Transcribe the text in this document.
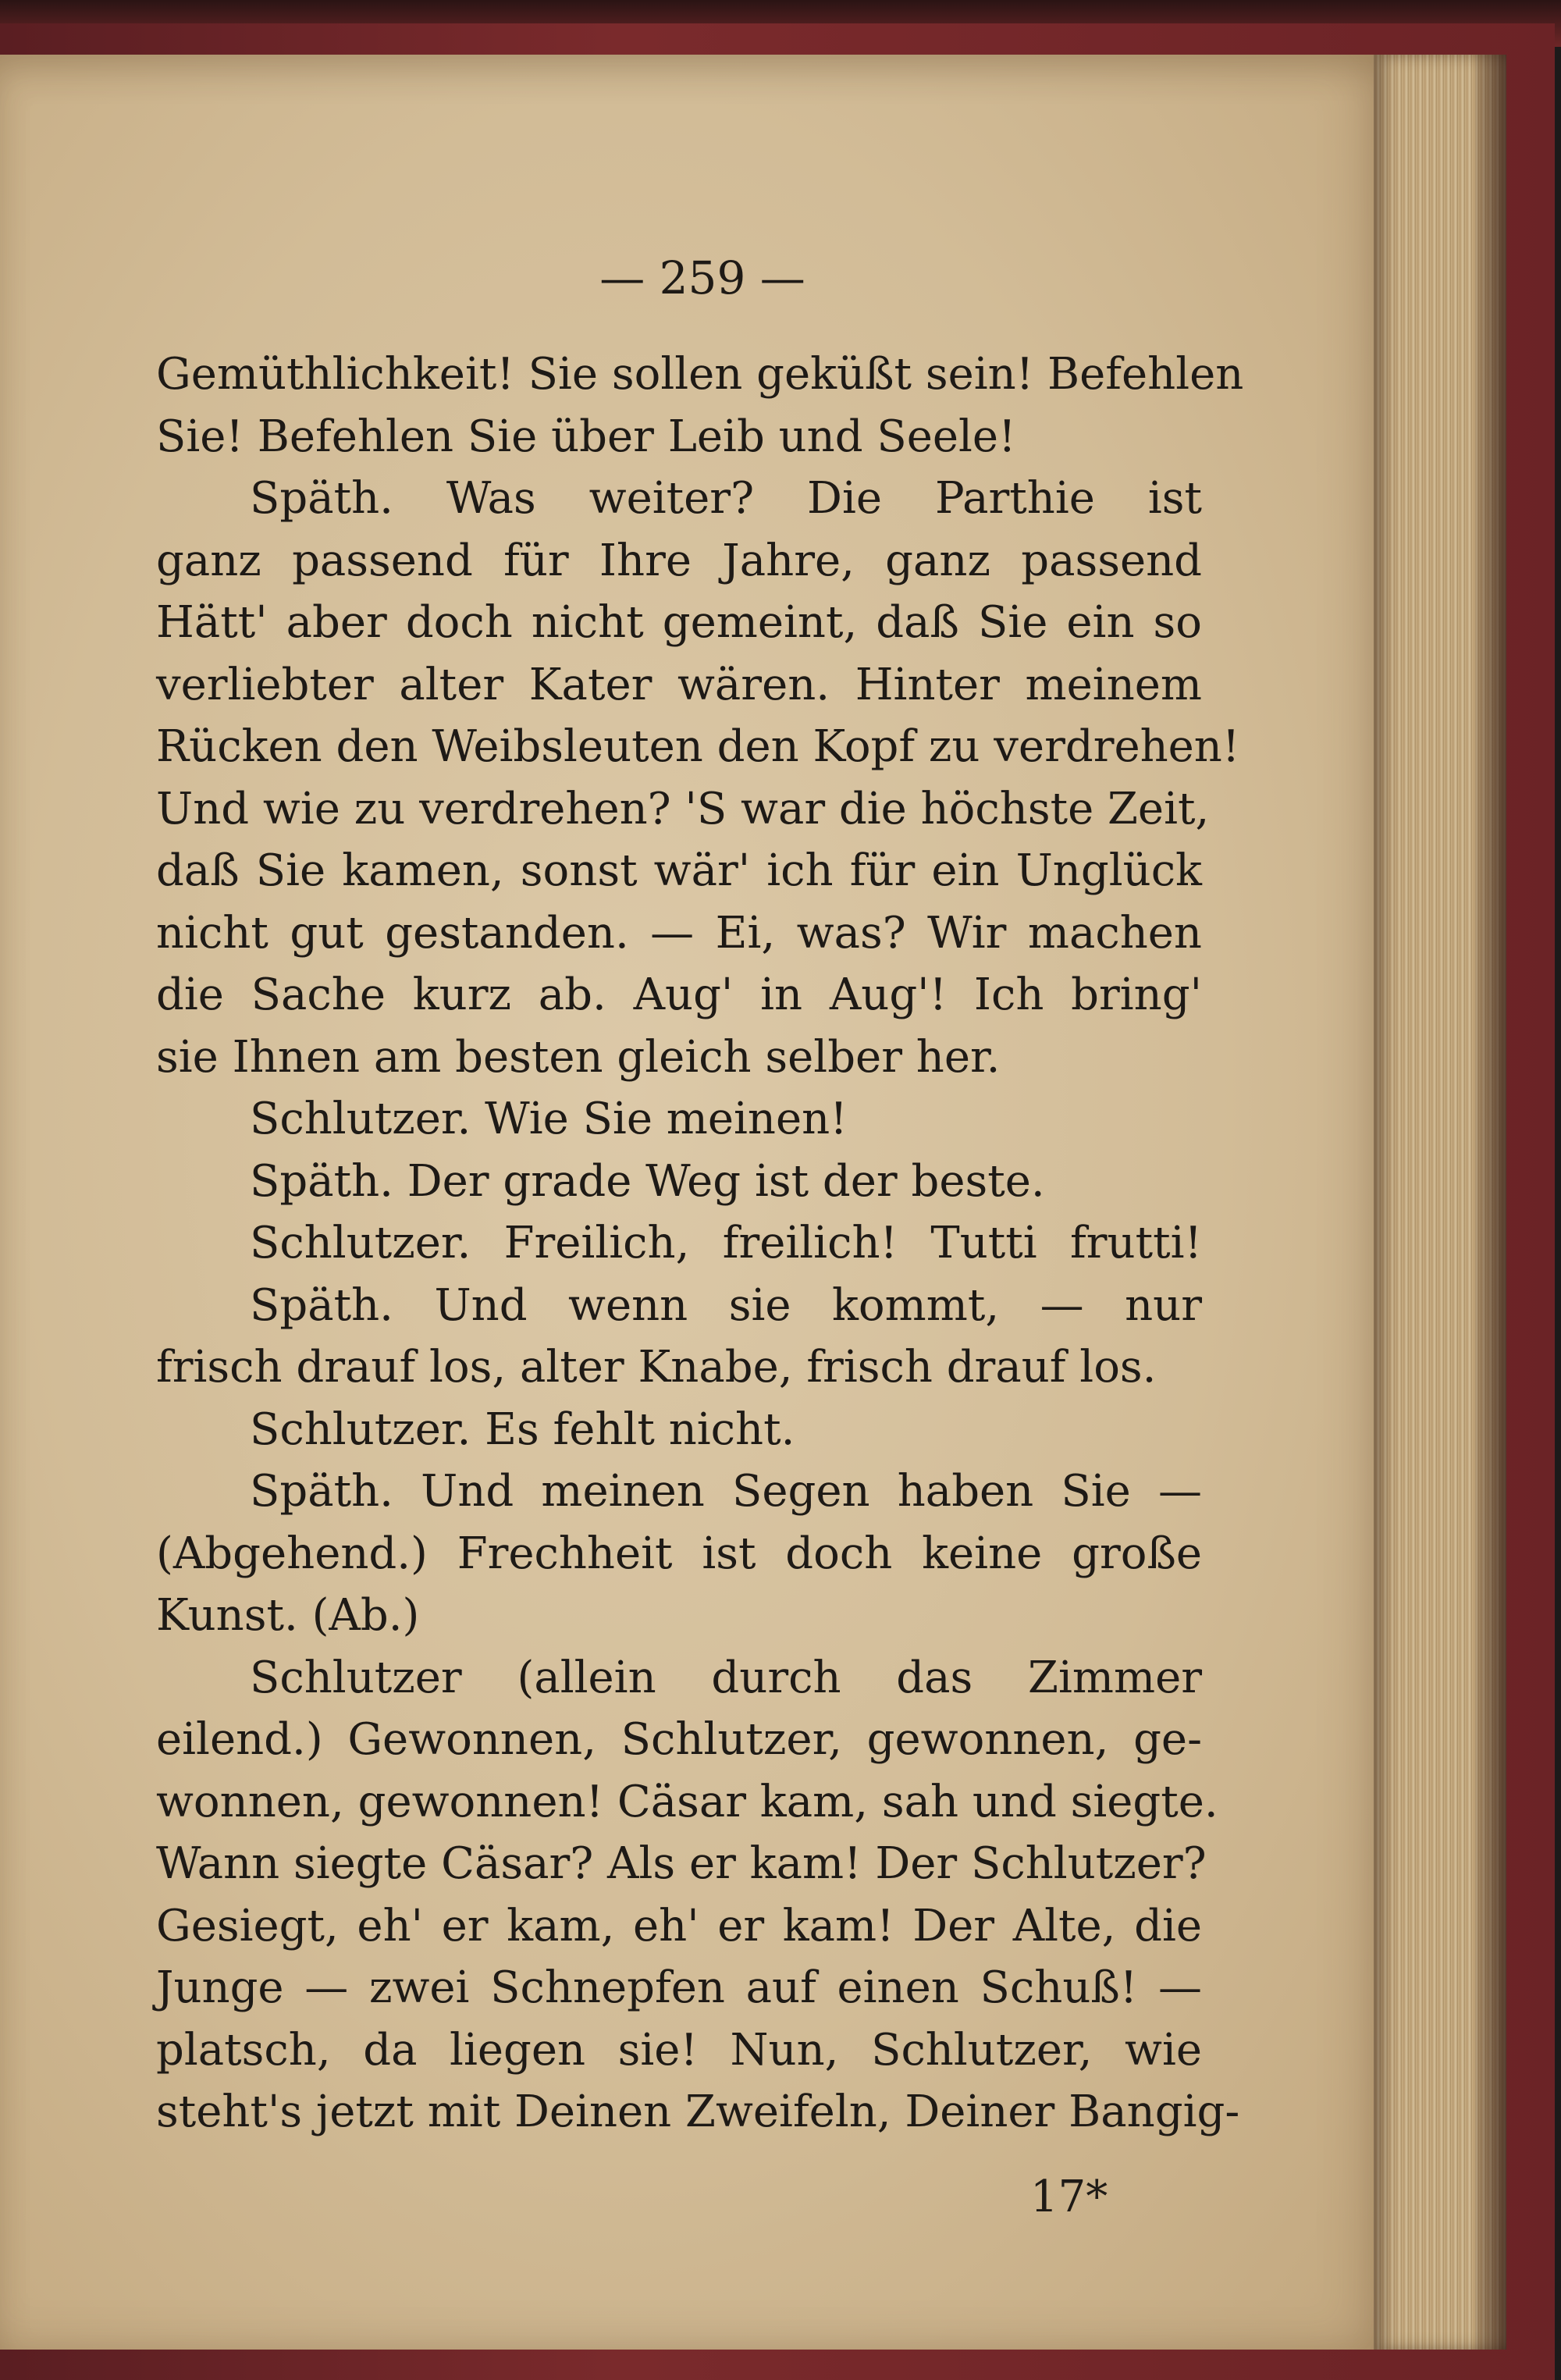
— 259 —
Gemüthlichkeit! Sie sollen geküßt sein! Befehlen
Sie! Befehlen Sie über Leib und Seele!
Späth. Was weiter? Die Parthie ist
ganz passend für Ihre Jahre, ganz passend
Hätt' aber doch nicht gemeint, daß Sie ein so
verliebter alter Kater wären. Hinter meinem
Rücken den Weibsleuten den Kopf zu verdrehen!
Und wie zu verdrehen? 'S war die höchste Zeit,
daß Sie kamen, sonst wär' ich für ein Unglück
nicht gut gestanden. — Ei, was? Wir machen
die Sache kurz ab. Aug' in Aug'! Ich bring'
sie Ihnen am besten gleich selber her.
Schlutzer. Wie Sie meinen!
Späth. Der grade Weg ist der beste.
Schlutzer. Freilich, freilich! Tutti frutti!
Späth. Und wenn sie kommt, — nur
frisch drauf los, alter Knabe, frisch drauf los.
Schlutzer. Es fehlt nicht.
Späth. Und meinen Segen haben Sie —
(Abgehend.) Frechheit ist doch keine große
Kunst. (Ab.)
Schlutzer (allein durch das Zimmer
eilend.) Gewonnen, Schlutzer, gewonnen, ge-
wonnen, gewonnen! Cäsar kam, sah und siegte.
Wann siegte Cäsar? Als er kam! Der Schlutzer?
Gesiegt, eh' er kam, eh' er kam! Der Alte, die
Junge — zwei Schnepfen auf einen Schuß! —
platsch, da liegen sie! Nun, Schlutzer, wie
steht's jetzt mit Deinen Zweifeln, Deiner Bangig-
17*
